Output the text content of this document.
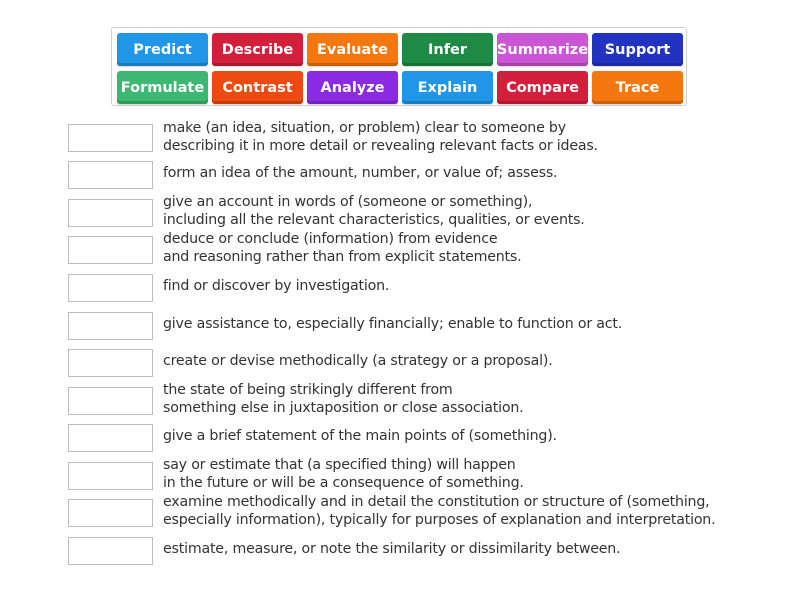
Predict	Describe	Evaluate	Infer	Summarize	Support
Formulate	Contrast	Analyze	Explain	Compare	Trace
make (an idea, situation, or problem) clear to someone by
describing it in more detail or revealing relevant facts or ideas.
form an idea of the amount, number, or value of; assess.
give an account in words of (someone or something),
including all the relevant characteristics, qualities, or events.
deduce or conclude (information) from evidence
and reasoning rather than from explicit statements.
find or discover by investigation.
give assistance to, especially financially; enable to function or act.
create or devise methodically (a strategy or a proposal).
the state of being strikingly different from
something else in juxtaposition or close association.
give a brief statement of the main points of (something).
say or estimate that (a specified thing) will happen
in the future or will be a consequence of something.
examine methodically and in detail the constitution or structure of (something,
especially information), typically for purposes of explanation and interpretation.
estimate, measure, or note the similarity or dissimilarity between.
